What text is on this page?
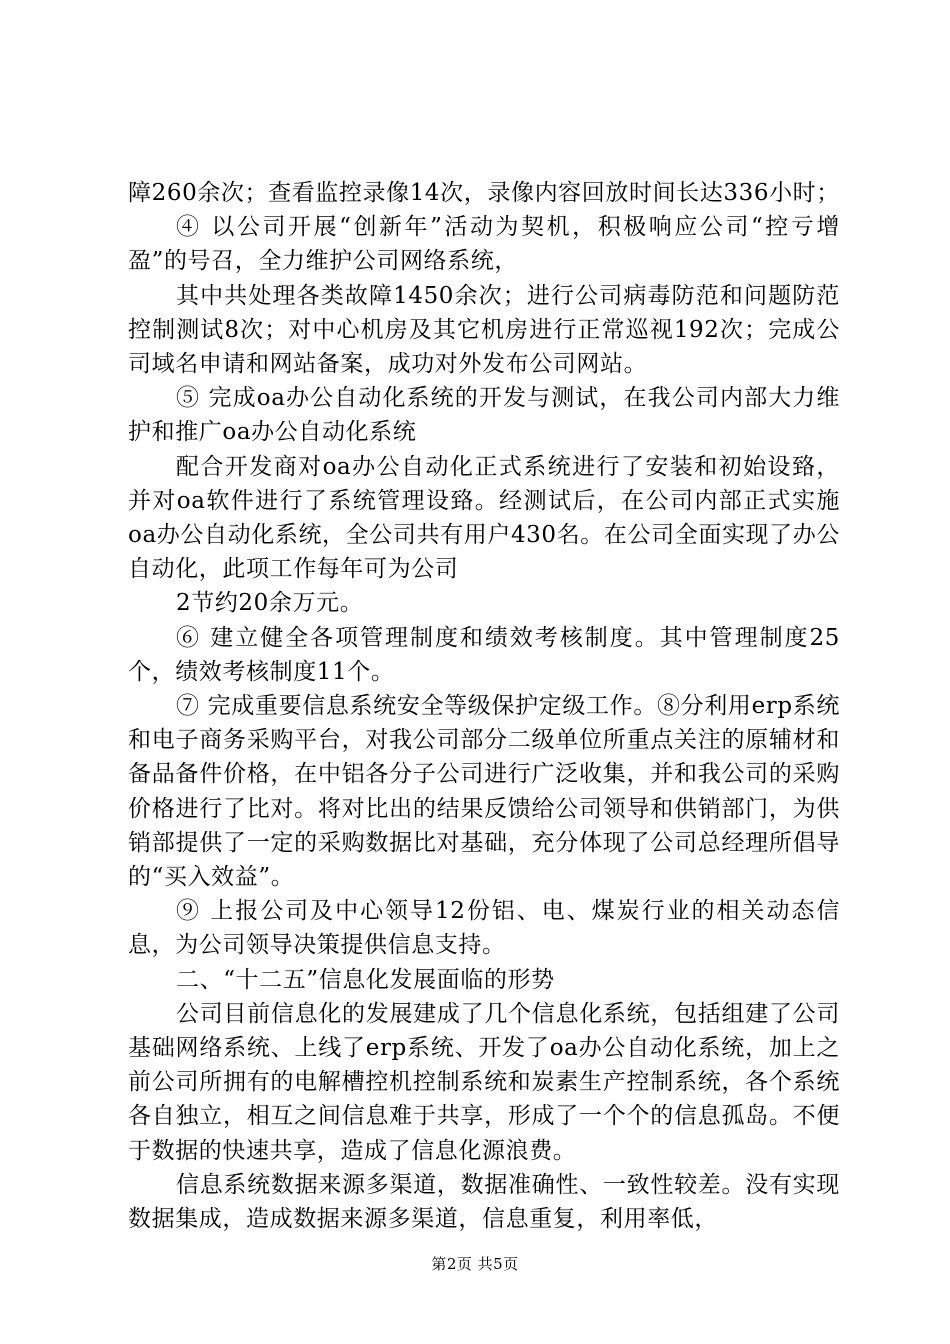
障260余次；查看监控录像14次，录像内容回放时间长达336小时；

④ 以公司开展“创新年”活动为契机，积极响应公司“控亏增盈”的号召，全力维护公司网络系统，

其中共处理各类故障1450余次；进行公司病毒防范和问题防范控制测试8次；对中心机房及其它机房进行正常巡视192次；完成公司域名申请和网站备案，成功对外发布公司网站。

⑤ 完成oa办公自动化系统的开发与测试，在我公司内部大力维护和推广oa办公自动化系统

配合开发商对oa办公自动化正式系统进行了安装和初始设臵，并对oa软件进行了系统管理设臵。经测试后，在公司内部正式实施oa办公自动化系统，全公司共有用户430名。在公司全面实现了办公自动化，此项工作每年可为公司

2节约20余万元。

⑥ 建立健全各项管理制度和绩效考核制度。其中管理制度25个，绩效考核制度11个。

⑦ 完成重要信息系统安全等级保护定级工作。⑧分利用erp系统和电子商务采购平台，对我公司部分二级单位所重点关注的原辅材和备品备件价格，在中铝各分子公司进行广泛收集，并和我公司的采购价格进行了比对。将对比出的结果反馈给公司领导和供销部门，为供销部提供了一定的采购数据比对基础，充分体现了公司总经理所倡导的“买入效益”。

⑨ 上报公司及中心领导12份铝、电、煤炭行业的相关动态信息，为公司领导决策提供信息支持。

二、“十二五”信息化发展面临的形势

公司目前信息化的发展建成了几个信息化系统，包括组建了公司基础网络系统、上线了erp系统、开发了oa办公自动化系统，加上之前公司所拥有的电解槽控机控制系统和炭素生产控制系统，各个系统各自独立，相互之间信息难于共享，形成了一个个的信息孤岛。不便于数据的快速共享，造成了信息化源浪费。

信息系统数据来源多渠道，数据准确性、一致性较差。没有实现数据集成，造成数据来源多渠道，信息重复，利用率低，

第2页 共5页
